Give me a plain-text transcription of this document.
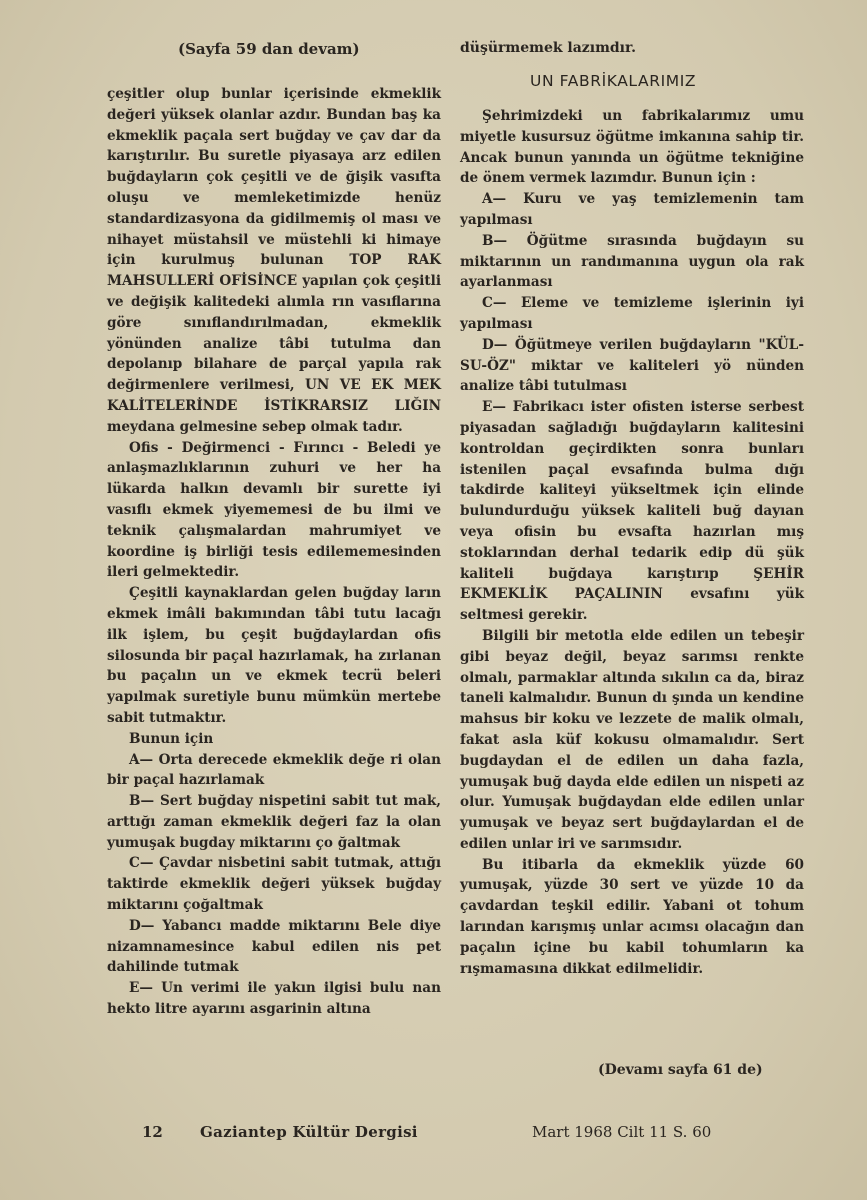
(Sayfa 59 dan devam)	düşürmemek lazımdır.
UN FABRİKALARIMIZ

çeşitler olup bunlar içerisinde ekmeklik değeri yüksek olanlar azdır. Bundan baş ka ekmeklik paçala sert buğday ve çav dar da karıştırılır. Bu suretle piyasaya arz edilen buğdayların çok çeşitli ve de ğişik vasıfta oluşu ve memleketimizde henüz standardizasyona da gidilmemiş ol ması ve nihayet müstahsil ve müstehli ki himaye için kurulmuş bulunan TOP RAK MAHSULLERİ OFİSİNCE yapılan çok çeşitli ve değişik kalitedeki alımla rın vasıflarına göre sınıflandırılmadan, ekmeklik yönünden analize tâbi tutulma dan depolanıp bilahare de parçal yapıla rak değirmenlere verilmesi, UN VE EK MEK KALİTELERİNDE İSTİKRARSIZ LIĞIN meydana gelmesine sebep olmak tadır.

Ofis - Değirmenci - Fırıncı - Beledi ye anlaşmazlıklarının zuhuri ve her ha lükarda halkın devamlı bir surette iyi vasıflı ekmek yiyememesi de bu ilmi ve teknik çalışmalardan mahrumiyet ve koordine iş birliği tesis edilememesinden ileri gelmektedir.

Çeşitli kaynaklardan gelen buğday ların ekmek imâli bakımından tâbi tutu lacağı ilk işlem, bu çeşit buğdaylardan ofis silosunda bir paçal hazırlamak, ha zırlanan bu paçalın un ve ekmek tecrü beleri yapılmak suretiyle bunu mümkün mertebe sabit tutmaktır.

Bunun için

A— Orta derecede ekmeklik değe ri olan bir paçal hazırlamak

B— Sert buğday nispetini sabit tut mak, arttığı zaman ekmeklik değeri faz la olan yumuşak bugday miktarını ço ğaltmak

C— Çavdar nisbetini sabit tutmak, attığı taktirde ekmeklik değeri yüksek buğday miktarını çoğaltmak

D— Yabancı madde miktarını Bele diye nizamnamesince kabul edilen nis pet dahilinde tutmak

E— Un verimi ile yakın ilgisi bulu nan hekto litre ayarını asgarinin altına

Şehrimizdeki un fabrikalarımız umu miyetle kusursuz öğütme imkanına sahip tir. Ancak bunun yanında un öğütme tekniğine de önem vermek lazımdır. Bunun için :

A— Kuru ve yaş temizlemenin tam yapılması

B— Öğütme sırasında buğdayın su miktarının un randımanına uygun ola rak ayarlanması

C— Eleme ve temizleme işlerinin iyi yapılması

D— Öğütmeye verilen buğdayların "KÜL-SU-ÖZ" miktar ve kaliteleri yö nünden analize tâbi tutulması

E— Fabrikacı ister ofisten isterse serbest piyasadan sağladığı buğdayların kalitesini kontroldan geçirdikten sonra bunları istenilen paçal evsafında bulma dığı takdirde kaliteyi yükseltmek için elinde bulundurduğu yüksek kaliteli buğ dayıan veya ofisin bu evsafta hazırlan mış stoklarından derhal tedarik edip dü şük kaliteli buğdaya karıştırıp ŞEHİR EKMEKLİK PAÇALININ evsafını yük seltmesi gerekir.

Bilgili bir metotla elde edilen un tebeşir gibi beyaz değil, beyaz sarımsı renkte olmalı, parmaklar altında sıkılın ca da, biraz taneli kalmalıdır. Bunun dı şında un kendine mahsus bir koku ve lezzete de malik olmalı, fakat asla küf kokusu olmamalıdır. Sert bugdaydan el de edilen un daha fazla, yumuşak buğ dayda elde edilen un nispeti az olur. Yumuşak buğdaydan elde edilen unlar yumuşak ve beyaz sert buğdaylardan el de edilen unlar iri ve sarımsıdır.

Bu itibarla da ekmeklik yüzde 60 yumuşak, yüzde 30 sert ve yüzde 10 da çavdardan teşkil edilir. Yabani ot tohum larından karışmış unlar acımsı olacağın dan paçalın içine bu kabil tohumların ka rışmamasına dikkat edilmelidir.

(Devamı sayfa 61 de)
12 Gaziantep Kültür Dergisi	Mart 1968 Cilt 11 S. 60
